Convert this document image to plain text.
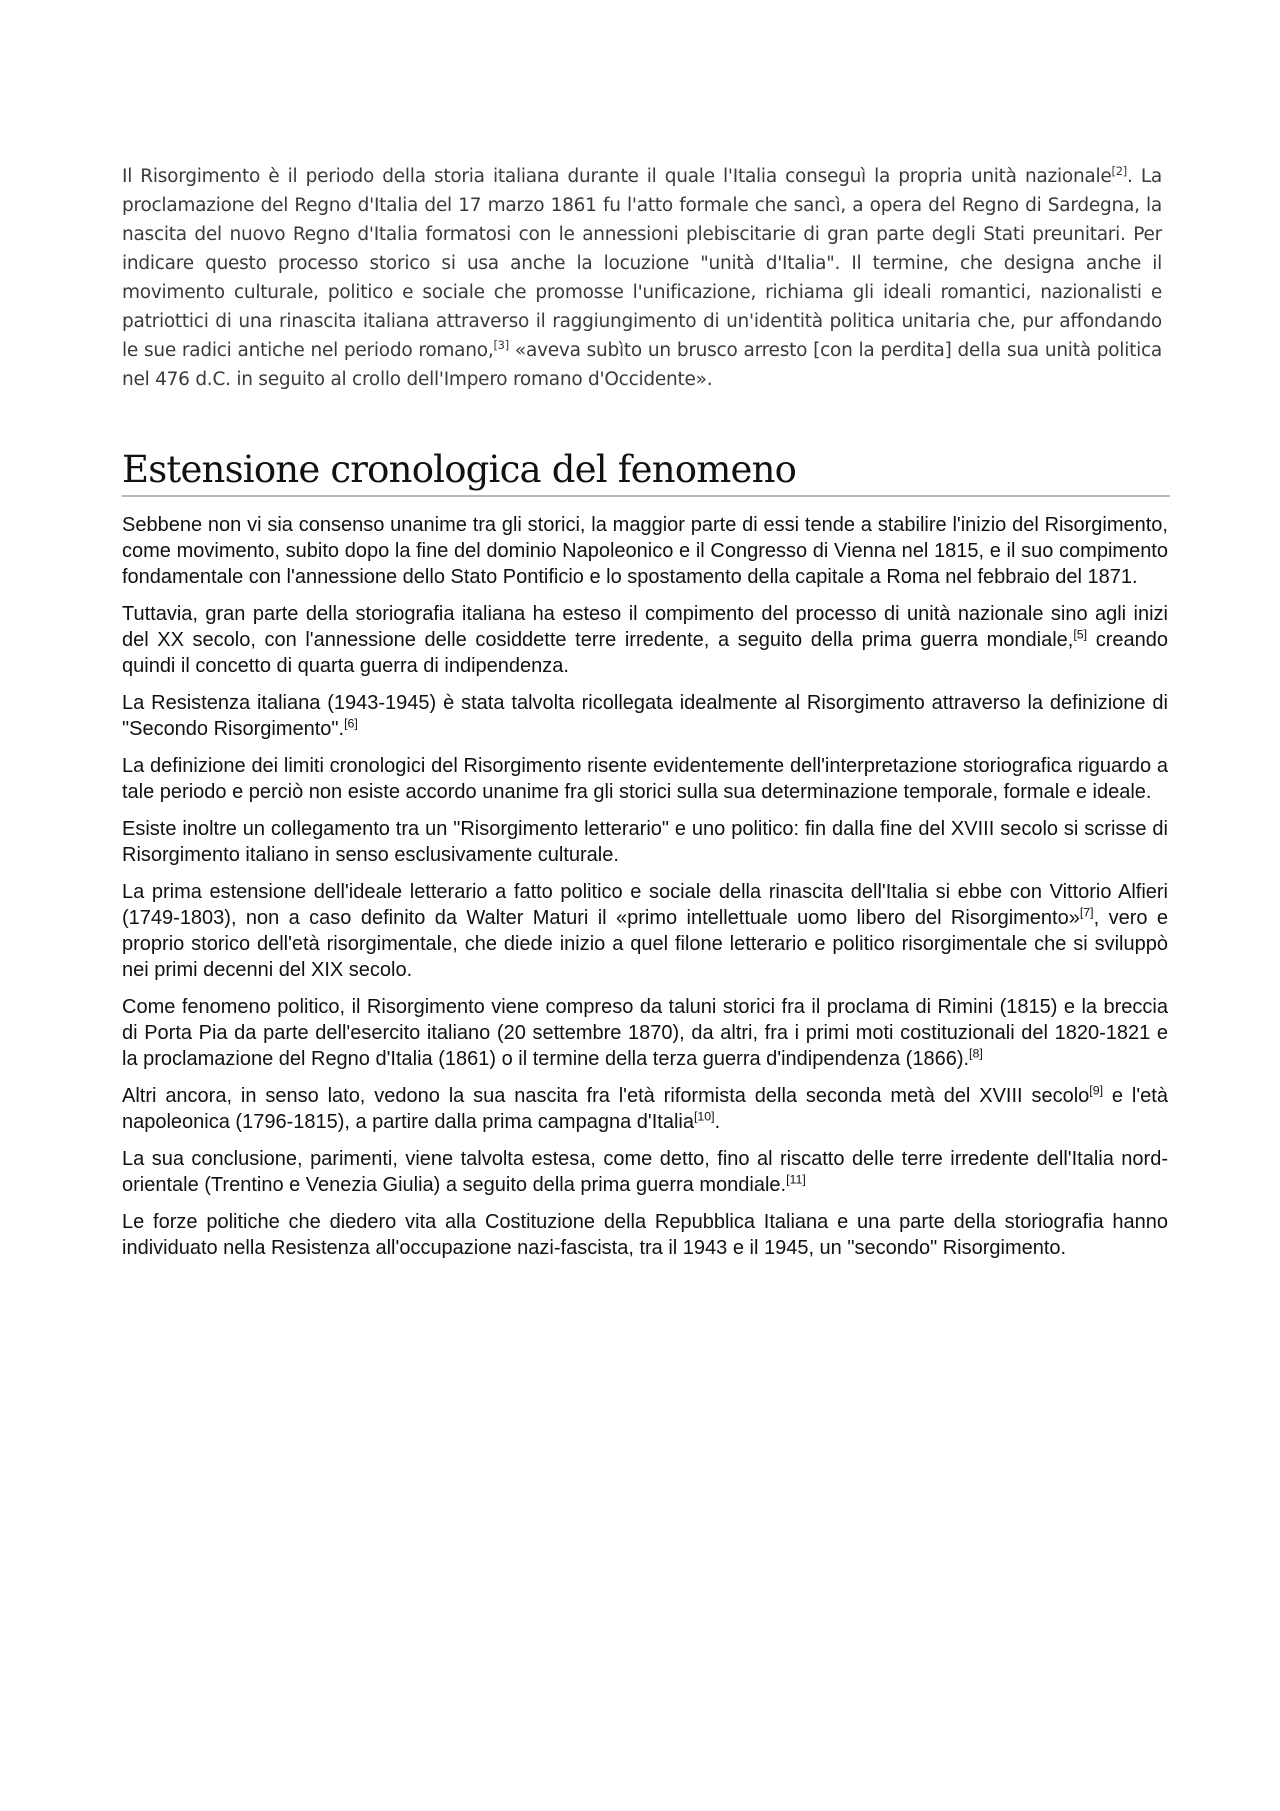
Il Risorgimento è il periodo della storia italiana durante il quale l'Italia conseguì la propria unità nazionale[2]. La proclamazione del Regno d'Italia del 17 marzo 1861 fu l'atto formale che sancì, a opera del Regno di Sardegna, la nascita del nuovo Regno d'Italia formatosi con le annessioni plebiscitarie di gran parte degli Stati preunitari. Per indicare questo processo storico si usa anche la locuzione "unità d'Italia". Il termine, che designa anche il movimento culturale, politico e sociale che promosse l'unificazione, richiama gli ideali romantici, nazionalisti e patriottici di una rinascita italiana attraverso il raggiungimento di un'identità politica unitaria che, pur affondando le sue radici antiche nel periodo romano,[3] «aveva subìto un brusco arresto [con la perdita] della sua unità politica nel 476 d.C. in seguito al crollo dell'Impero romano d'Occidente».

Estensione cronologica del fenomeno

Sebbene non vi sia consenso unanime tra gli storici, la maggior parte di essi tende a stabilire l'inizio del Risorgimento, come movimento, subito dopo la fine del dominio Napoleonico e il Congresso di Vienna nel 1815, e il suo compimento fondamentale con l'annessione dello Stato Pontificio e lo spostamento della capitale a Roma nel febbraio del 1871.

Tuttavia, gran parte della storiografia italiana ha esteso il compimento del processo di unità nazionale sino agli inizi del XX secolo, con l'annessione delle cosiddette terre irredente, a seguito della prima guerra mondiale,[5] creando quindi il concetto di quarta guerra di indipendenza.

La Resistenza italiana (1943-1945) è stata talvolta ricollegata idealmente al Risorgimento attraverso la definizione di "Secondo Risorgimento".[6]

La definizione dei limiti cronologici del Risorgimento risente evidentemente dell'interpretazione storiografica riguardo a tale periodo e perciò non esiste accordo unanime fra gli storici sulla sua determinazione temporale, formale e ideale.

Esiste inoltre un collegamento tra un "Risorgimento letterario" e uno politico: fin dalla fine del XVIII secolo si scrisse di Risorgimento italiano in senso esclusivamente culturale.

La prima estensione dell'ideale letterario a fatto politico e sociale della rinascita dell'Italia si ebbe con Vittorio Alfieri (1749-1803), non a caso definito da Walter Maturi il «primo intellettuale uomo libero del Risorgimento»[7], vero e proprio storico dell'età risorgimentale, che diede inizio a quel filone letterario e politico risorgimentale che si sviluppò nei primi decenni del XIX secolo.

Come fenomeno politico, il Risorgimento viene compreso da taluni storici fra il proclama di Rimini (1815) e la breccia di Porta Pia da parte dell'esercito italiano (20 settembre 1870), da altri, fra i primi moti costituzionali del 1820-1821 e la proclamazione del Regno d'Italia (1861) o il termine della terza guerra d'indipendenza (1866).[8]

Altri ancora, in senso lato, vedono la sua nascita fra l'età riformista della seconda metà del XVIII secolo[9] e l'età napoleonica (1796-1815), a partire dalla prima campagna d'Italia[10].

La sua conclusione, parimenti, viene talvolta estesa, come detto, fino al riscatto delle terre irredente dell'Italia nord-orientale (Trentino e Venezia Giulia) a seguito della prima guerra mondiale.[11]

Le forze politiche che diedero vita alla Costituzione della Repubblica Italiana e una parte della storiografia hanno individuato nella Resistenza all'occupazione nazi-fascista, tra il 1943 e il 1945, un "secondo" Risorgimento.
